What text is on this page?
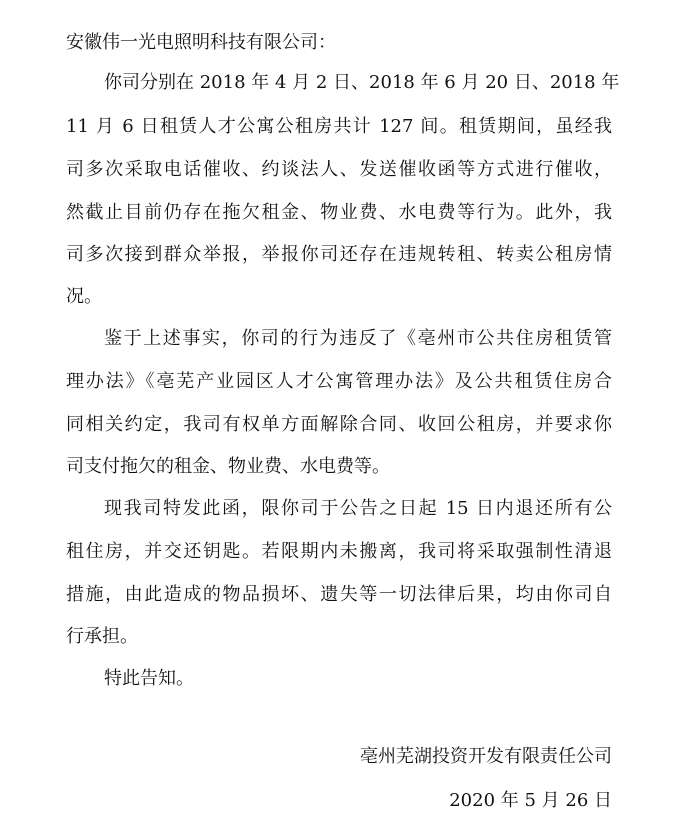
安徽伟一光电照明科技有限公司：
你司分别在 2018 年 4 月 2 日、2018 年 6 月 20 日、2018 年
11 月 6 日租赁人才公寓公租房共计 127 间。租赁期间，虽经我
司多次采取电话催收、约谈法人、发送催收函等方式进行催收，
然截止目前仍存在拖欠租金、物业费、水电费等行为。此外，我
司多次接到群众举报，举报你司还存在违规转租、转卖公租房情
况。
鉴于上述事实，你司的行为违反了《亳州市公共住房租赁管
理办法》《亳芜产业园区人才公寓管理办法》及公共租赁住房合
同相关约定，我司有权单方面解除合同、收回公租房，并要求你
司支付拖欠的租金、物业费、水电费等。
现我司特发此函，限你司于公告之日起 15 日内退还所有公
租住房，并交还钥匙。若限期内未搬离，我司将采取强制性清退
措施，由此造成的物品损坏、遗失等一切法律后果，均由你司自
行承担。
特此告知。
亳州芜湖投资开发有限责任公司
2020 年 5 月 26 日
